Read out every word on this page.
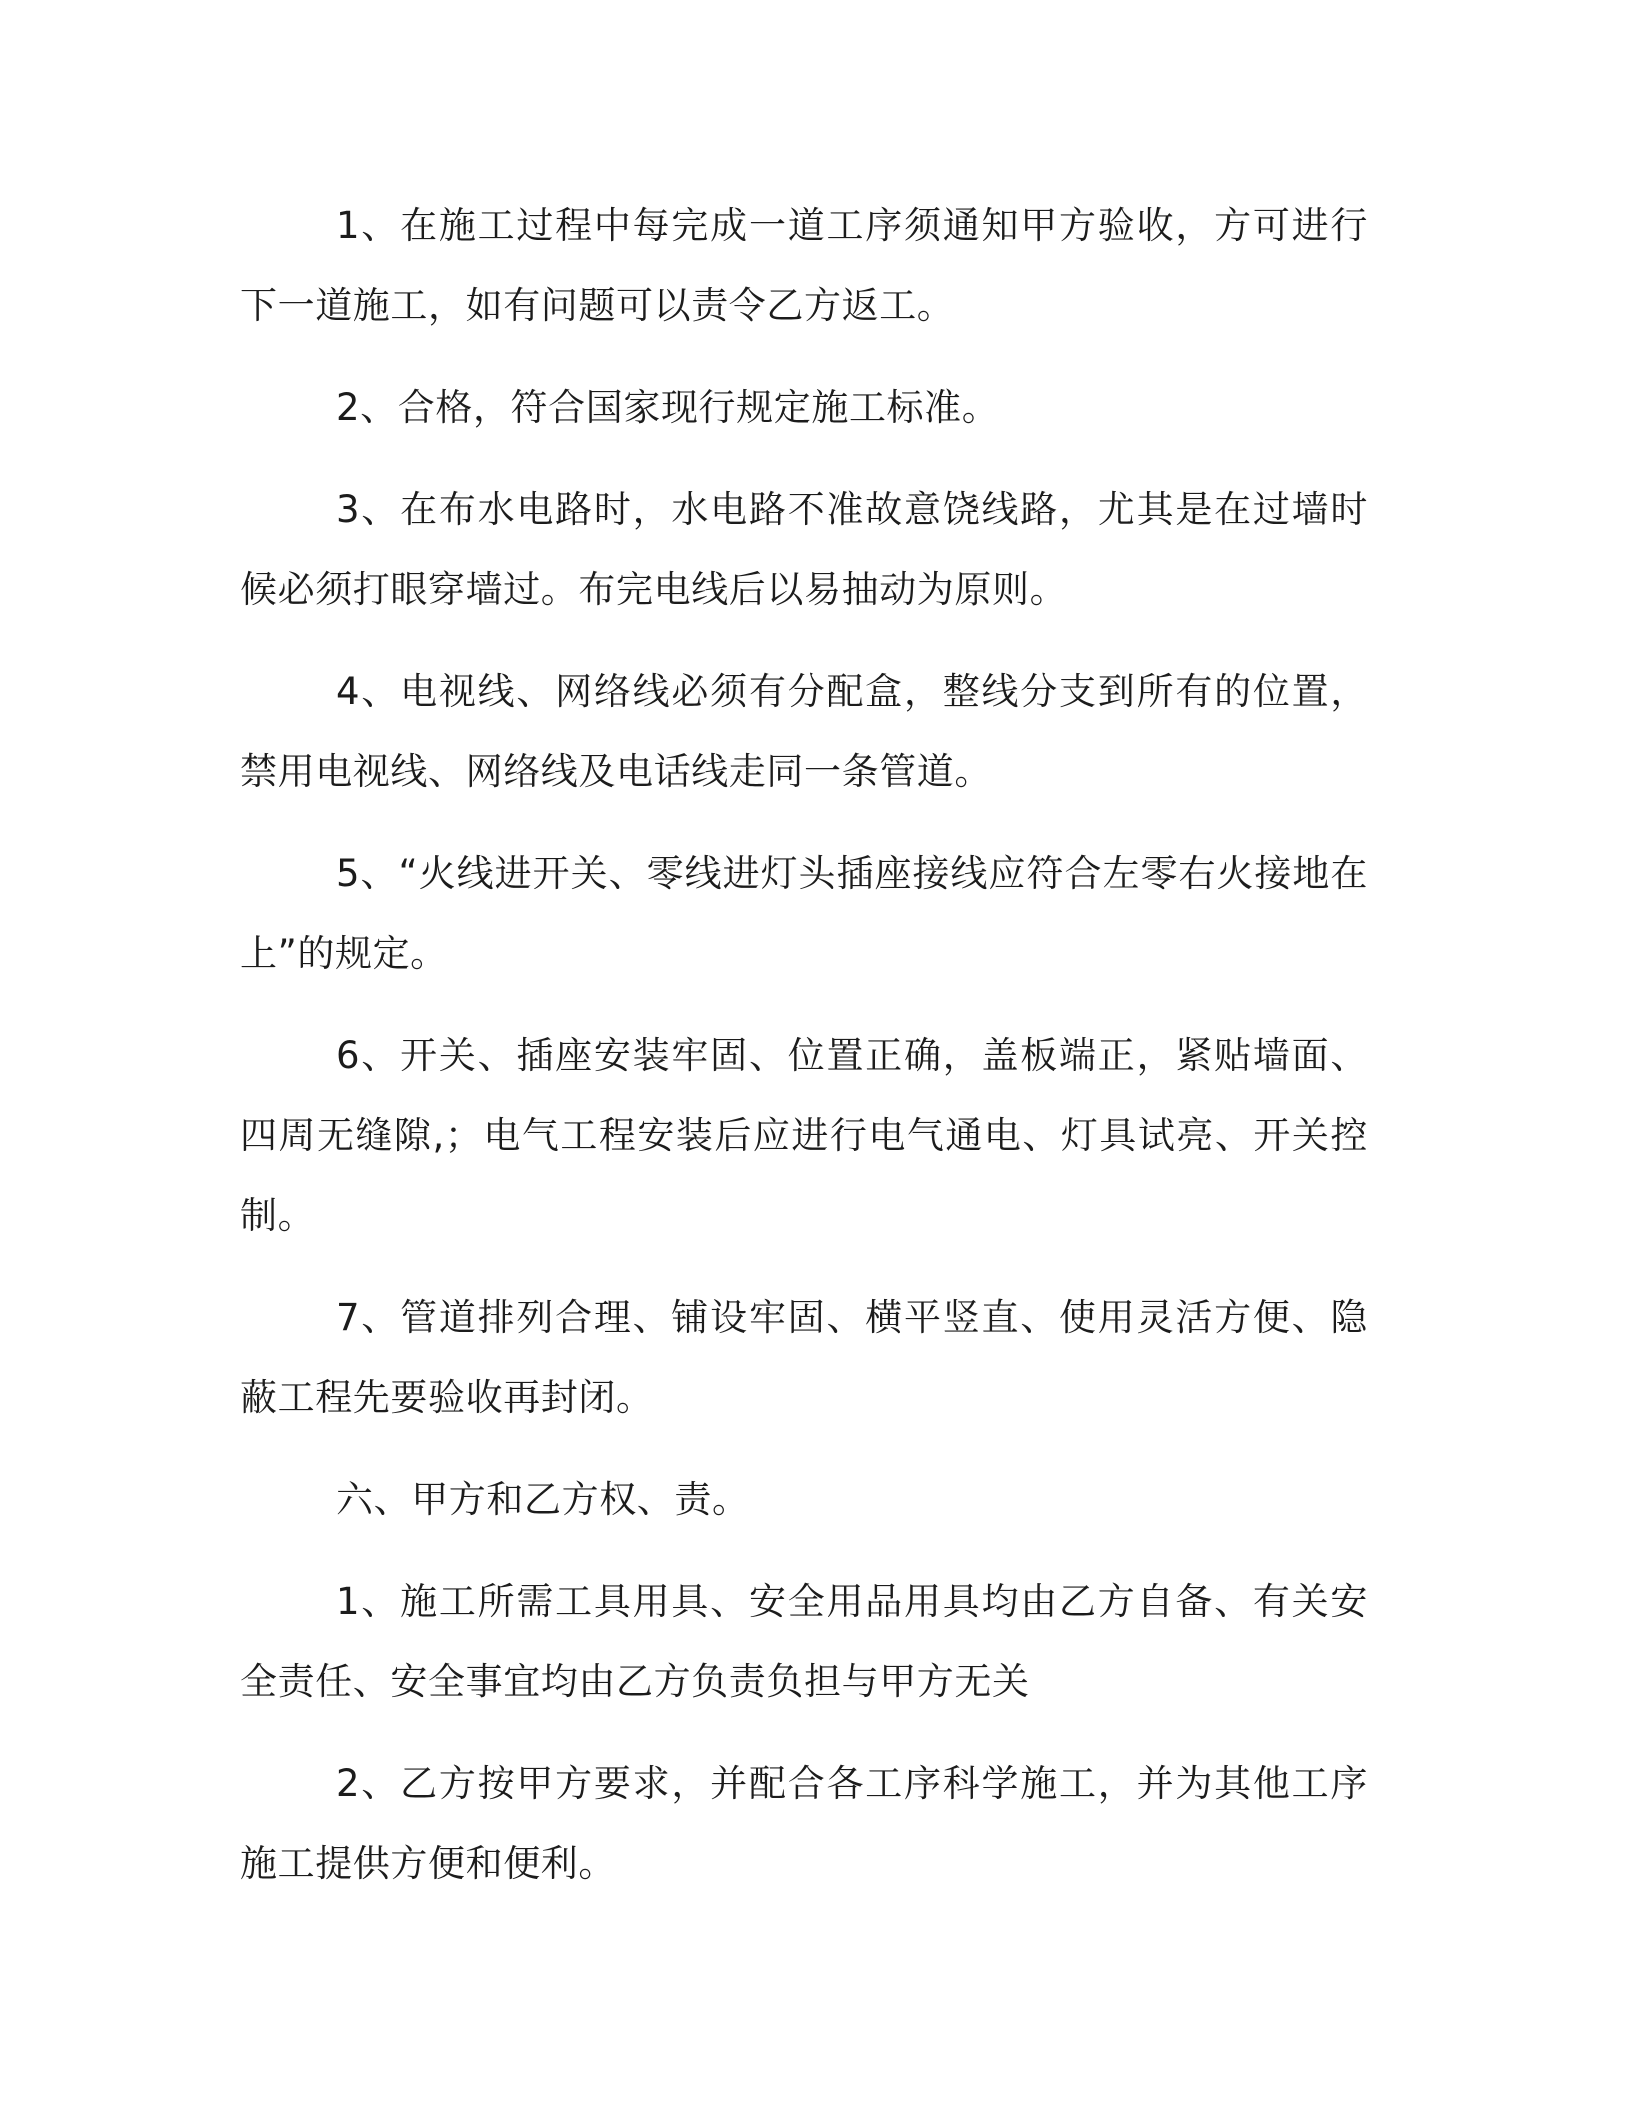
1、在施工过程中每完成一道工序须通知甲方验收，方可进行下一道施工，如有问题可以责令乙方返工。

2、合格，符合国家现行规定施工标准。

3、在布水电路时，水电路不准故意饶线路，尤其是在过墙时候必须打眼穿墙过。布完电线后以易抽动为原则。

4、电视线、网络线必须有分配盒，整线分支到所有的位置，禁用电视线、网络线及电话线走同一条管道。

5、“火线进开关、零线进灯头插座接线应符合左零右火接地在上”的规定。

6、开关、插座安装牢固、位置正确，盖板端正，紧贴墙面、四周无缝隙,；电气工程安装后应进行电气通电、灯具试亮、开关控制。

7、管道排列合理、铺设牢固、横平竖直、使用灵活方便、隐蔽工程先要验收再封闭。

六、甲方和乙方权、责。

1、施工所需工具用具、安全用品用具均由乙方自备、有关安全责任、安全事宜均由乙方负责负担与甲方无关

2、乙方按甲方要求，并配合各工序科学施工，并为其他工序施工提供方便和便利。
